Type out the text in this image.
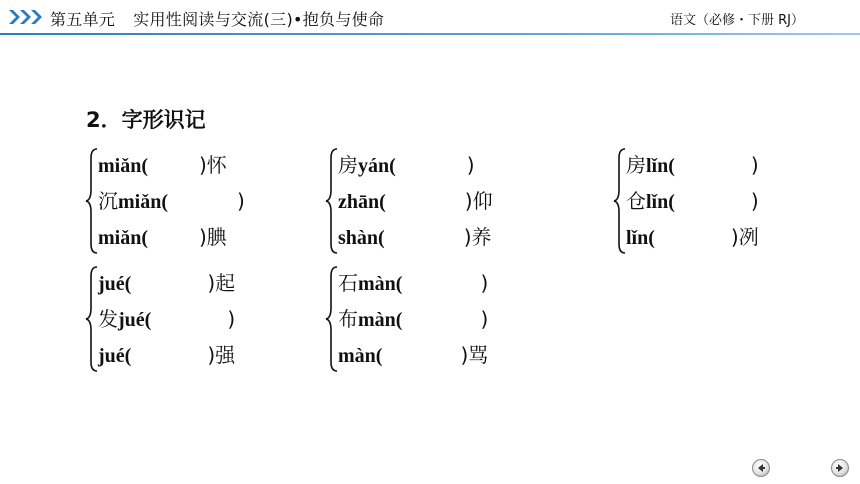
第五单元 实用性阅读与交流(三)•抱负与使命	语文（必修・下册 RJ）
2．字形识记
miǎn(	)怀
沉miǎn(	)
miǎn(	)腆
房yán(	)
zhān(	)仰
shàn(	)养
房lǐn(	)
仓lǐn(	)
lǐn(	)冽
jué(	)起
发jué(	)
jué(	)强
石màn(	)
布màn(	)
màn(	)骂
